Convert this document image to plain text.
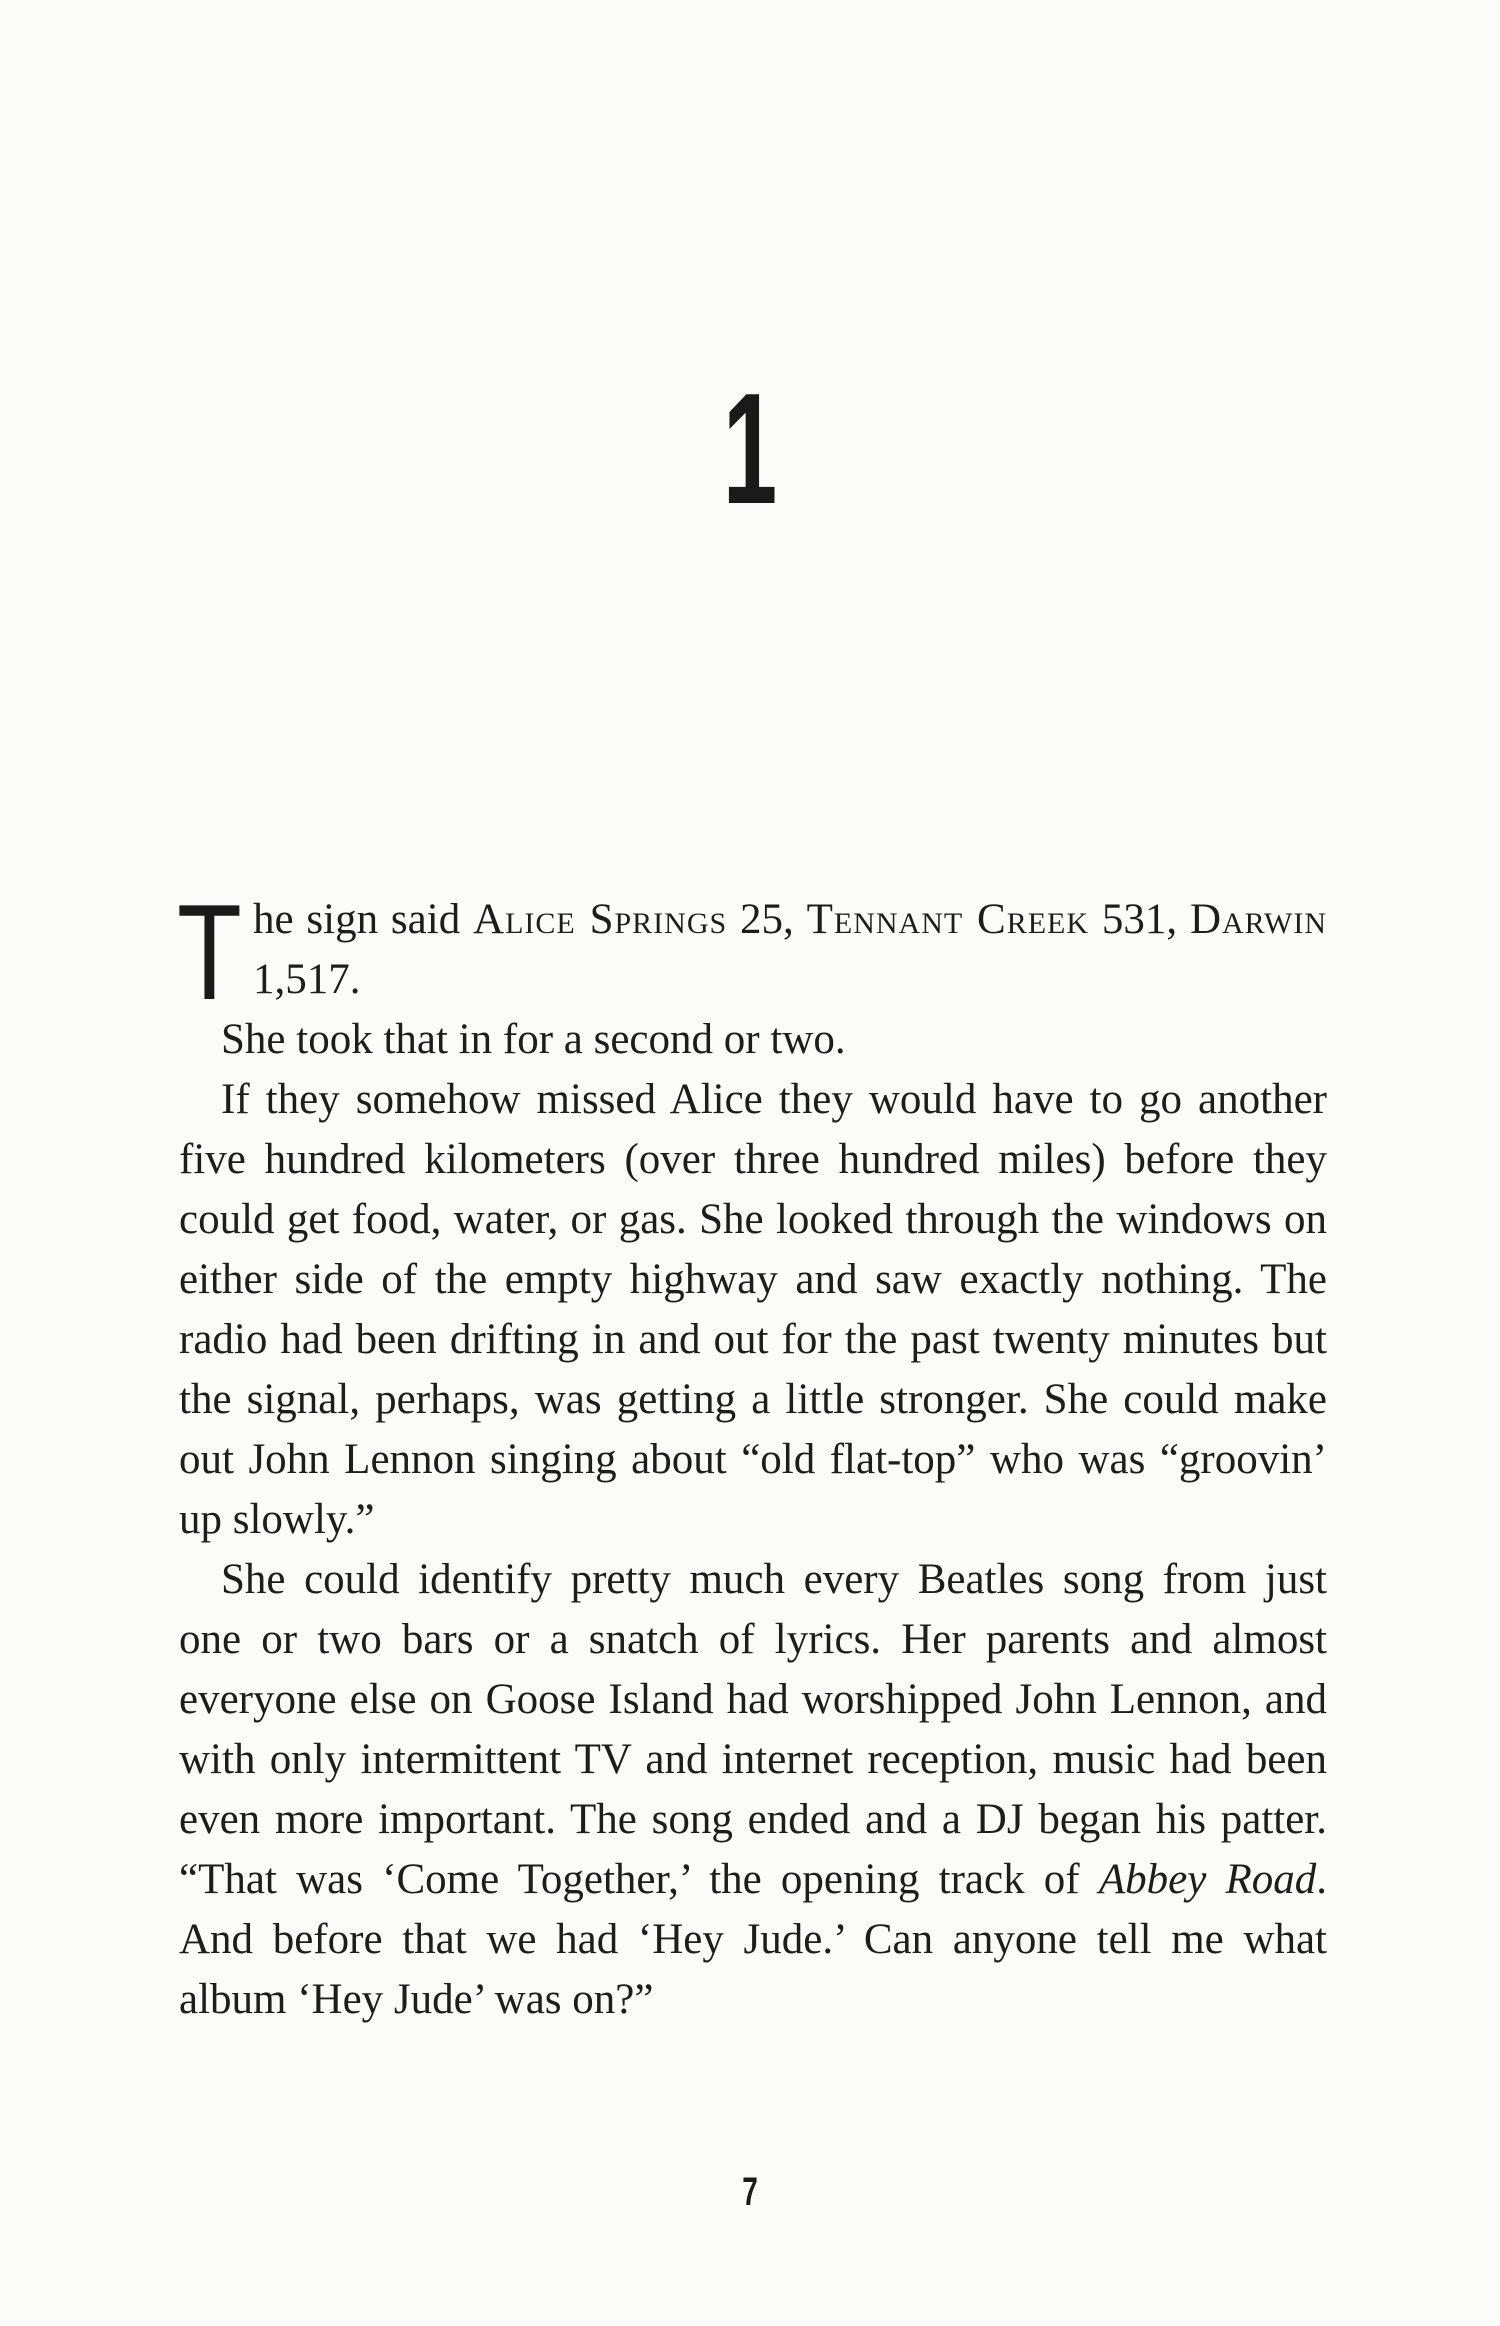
1

The sign said Alice Springs 25, Tennant Creek 531, Darwin 1,517.

She took that in for a second or two.

If they somehow missed Alice they would have to go another five hundred kilometers (over three hundred miles) before they could get food, water, or gas. She looked through the windows on either side of the empty highway and saw exactly nothing. The radio had been drifting in and out for the past twenty minutes but the signal, perhaps, was getting a little stronger. She could make out John Lennon singing about “old flat-top” who was “groovin’ up slowly.”

She could identify pretty much every Beatles song from just one or two bars or a snatch of lyrics. Her parents and almost everyone else on Goose Island had worshipped John Lennon, and with only intermittent TV and internet reception, music had been even more important. The song ended and a DJ began his patter. “That was ‘Come Together,’ the opening track of Abbey Road. And before that we had ‘Hey Jude.’ Can anyone tell me what album ‘Hey Jude’ was on?”

7
